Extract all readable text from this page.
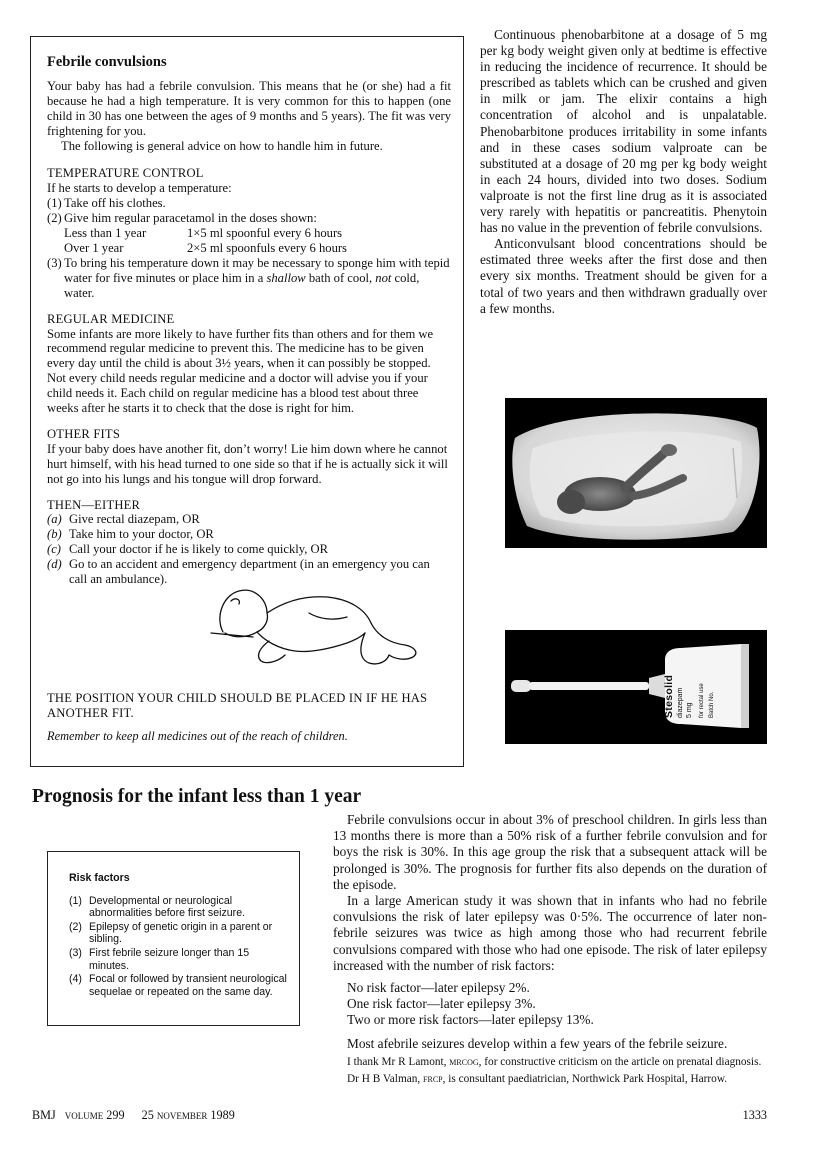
Febrile convulsions

Your baby has had a febrile convulsion. This means that he (or she) had a fit because he had a high temperature. It is very common for this to happen (one child in 30 has one between the ages of 9 months and 5 years). The fit was very frightening for you.

The following is general advice on how to handle him in future.

TEMPERATURE CONTROL

If he starts to develop a temperature:

(1) Take off his clothes.
(2) Give him regular paracetamol in the doses shown:
Less than 1 year	1×5 ml spoonful every 6 hours
Over 1 year	2×5 ml spoonfuls every 6 hours
(3) To bring his temperature down it may be necessary to sponge him with tepid water for five minutes or place him in a shallow bath of cool, not cold, water.

REGULAR MEDICINE

Some infants are more likely to have further fits than others and for them we recommend regular medicine to prevent this. The medicine has to be given every day until the child is about 3½ years, when it can possibly be stopped. Not every child needs regular medicine and a doctor will advise you if your child needs it. Each child on regular medicine has a blood test about three weeks after he starts it to check that the dose is right for him.

OTHER FITS

If your baby does have another fit, don’t worry! Lie him down where he cannot hurt himself, with his head turned to one side so that if he is actually sick it will not go into his lungs and his tongue will drop forward.

THEN—EITHER

(a) Give rectal diazepam, OR
(b) Take him to your doctor, OR
(c) Call your doctor if he is likely to come quickly, OR
(d) Go to an accident and emergency department (in an emergency you can call an ambulance).

THE POSITION YOUR CHILD SHOULD BE PLACED IN IF HE HAS ANOTHER FIT.

Remember to keep all medicines out of the reach of children.

Continuous phenobarbitone at a dosage of 5 mg per kg body weight given only at bedtime is effective in reducing the incidence of recurrence. It should be prescribed as tablets which can be crushed and given in milk or jam. The elixir contains a high concentration of alcohol and is unpalatable. Phenobarbitone produces irritability in some infants and in these cases sodium valproate can be substituted at a dosage of 20 mg per kg body weight in each 24 hours, divided into two doses. Sodium valproate is not the first line drug as it is associated very rarely with hepatitis or pancreatitis. Phenytoin has no value in the prevention of febrile convulsions.

Anticonvulsant blood concentrations should be estimated three weeks after the first dose and then every six months. Treatment should be given for a total of two years and then withdrawn gradually over a few months.

Stesolid diazepam 5 mg for rectal use Batch No.
Prognosis for the infant less than 1 year

Febrile convulsions occur in about 3% of preschool children. In girls less than 13 months there is more than a 50% risk of a further febrile convulsion and for boys the risk is 30%. In this age group the risk that a subsequent attack will be prolonged is 30%. The prognosis for further fits also depends on the duration of the episode.

In a large American study it was shown that in infants who had no febrile convulsions the risk of later epilepsy was 0·5%. The occurrence of later non-febrile seizures was twice as high among those who had recurrent febrile convulsions compared with those who had one episode. The risk of later epilepsy increased with the number of risk factors:

No risk factor—later epilepsy 2%.

One risk factor—later epilepsy 3%.

Two or more risk factors—later epilepsy 13%.

Most afebrile seizures develop within a few years of the febrile seizure.

I thank Mr R Lamont, mrcog, for constructive criticism on the article on prenatal diagnosis.

Dr H B Valman, frcp, is consultant paediatrician, Northwick Park Hospital, Harrow.

Risk factors
(1) Developmental or neurological abnormalities before first seizure.
(2) Epilepsy of genetic origin in a parent or sibling.
(3) First febrile seizure longer than 15 minutes.
(4) Focal or followed by transient neurological sequelae or repeated on the same day.
BMJ volume 299 25 november 1989	1333
